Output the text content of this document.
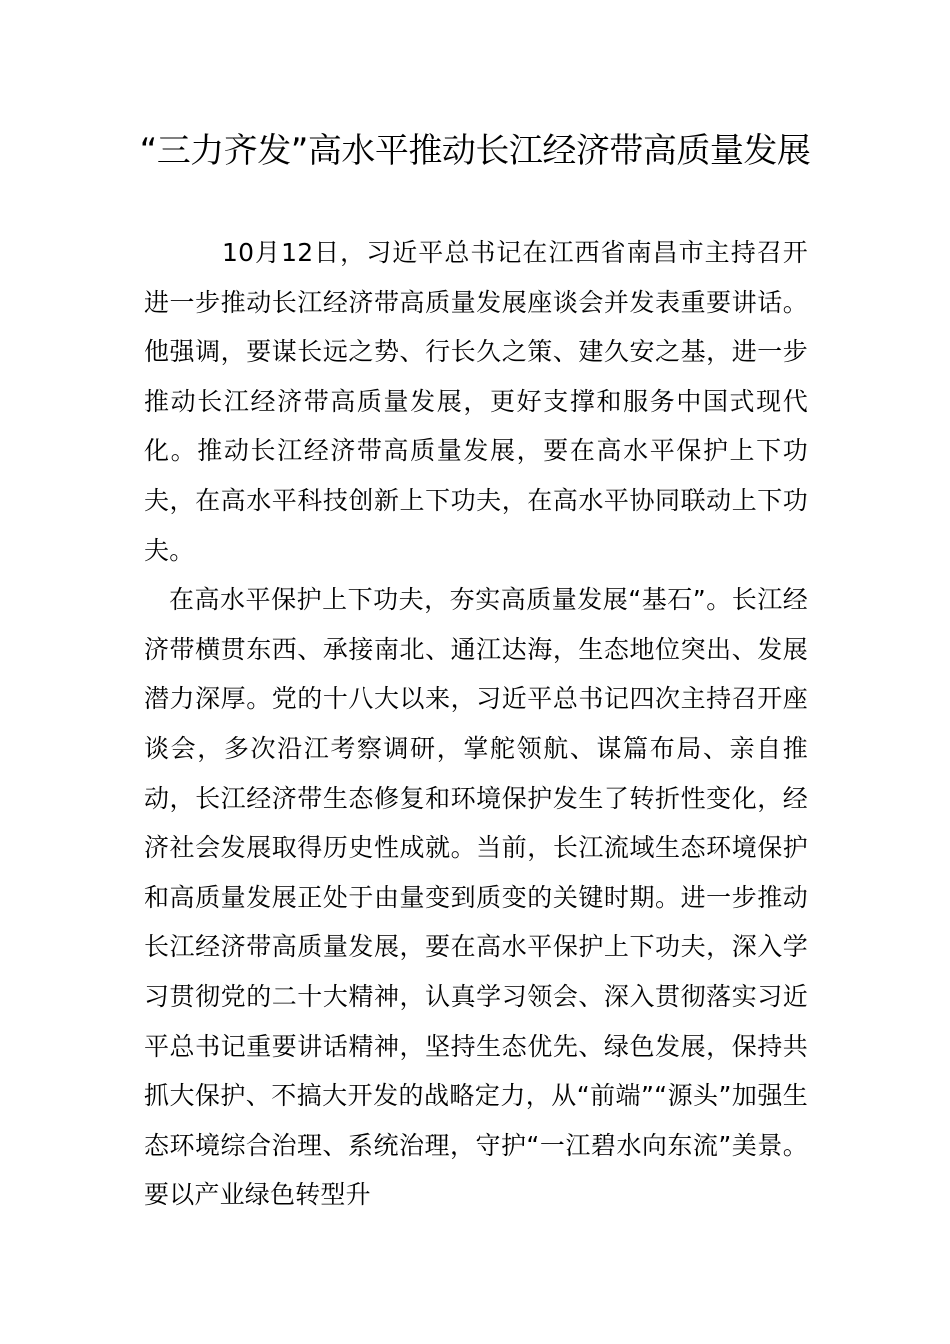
“三力齐发”高水平推动长江经济带高质量发展

10月12日，习近平总书记在江西省南昌市主持召开进一步推动长江经济带高质量发展座谈会并发表重要讲话。他强调，要谋长远之势、行长久之策、建久安之基，进一步推动长江经济带高质量发展，更好支撑和服务中国式现代化。推动长江经济带高质量发展，要在高水平保护上下功夫，在高水平科技创新上下功夫，在高水平协同联动上下功夫。

在高水平保护上下功夫，夯实高质量发展“基石”。长江经济带横贯东西、承接南北、通江达海，生态地位突出、发展潜力深厚。党的十八大以来，习近平总书记四次主持召开座谈会，多次沿江考察调研，掌舵领航、谋篇布局、亲自推动，长江经济带生态修复和环境保护发生了转折性变化，经济社会发展取得历史性成就。当前，长江流域生态环境保护和高质量发展正处于由量变到质变的关键时期。进一步推动长江经济带高质量发展，要在高水平保护上下功夫，深入学习贯彻党的二十大精神，认真学习领会、深入贯彻落实习近平总书记重要讲话精神，坚持生态优先、绿色发展，保持共抓大保护、不搞大开发的战略定力，从“前端”“源头”加强生态环境综合治理、系统治理，守护“一江碧水向东流”美景。要以产业绿色转型升
